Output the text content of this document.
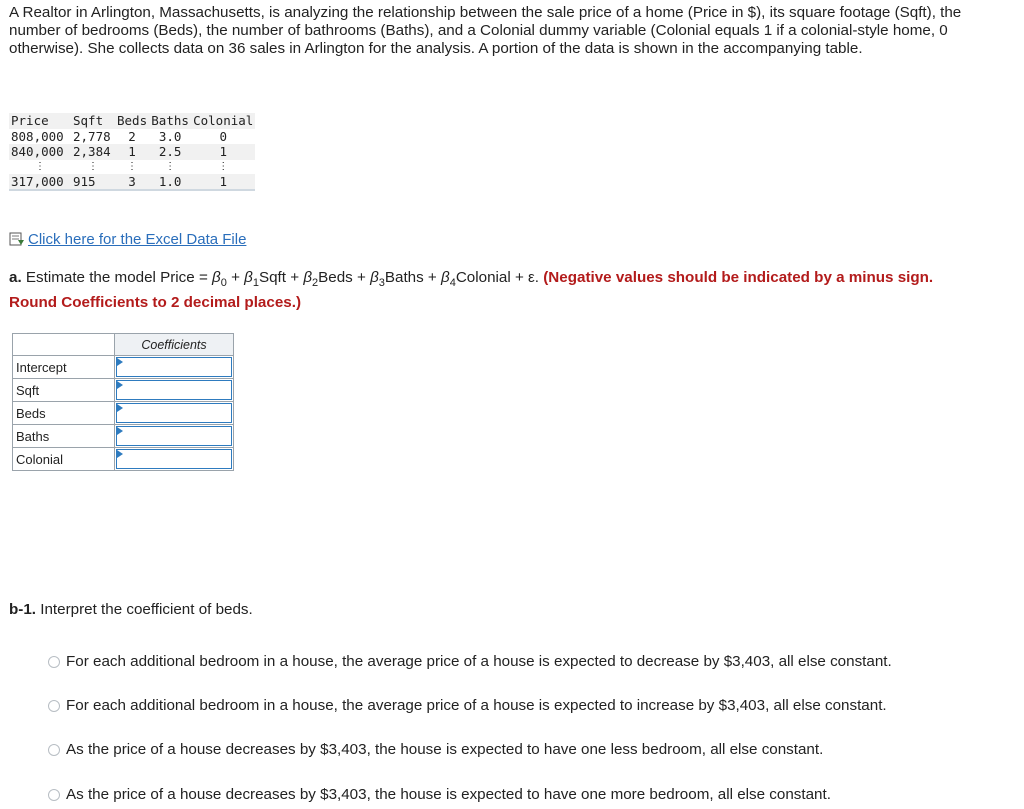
A Realtor in Arlington, Massachusetts, is analyzing the relationship between the sale price of a home (Price in $), its square footage (Sqft), the number of bedrooms (Beds), the number of bathrooms (Baths), and a Colonial dummy variable (Colonial equals 1 if a colonial-style home, 0 otherwise). She collects data on 36 sales in Arlington for the analysis. A portion of the data is shown in the accompanying table.

Price	Sqft	Beds	Baths	Colonial
808,000	2,778	2	3.0	0
840,000	2,384	1	2.5	1
⋮	⋮	⋮	⋮	⋮
317,000	915	3	1.0	1
Click here for the Excel Data File

a. Estimate the model Price = $\beta_0$ + $\beta_1Sqft$ + $\beta_2Beds$ + $\beta_3Baths$ + $\beta_4Colonial + \varepsilon$. (Negative values should be indicated by a minus sign.
Round Coefficients to 2 decimal places.)

	Coefficients
Intercept	

Sqft	

Beds	

Baths	

Colonial	

b-1. Interpret the coefficient of beds.

For each additional bedroom in a house, the average price of a house is expected to decrease by $3,403, all else constant.
For each additional bedroom in a house, the average price of a house is expected to increase by $3,403, all else constant.
As the price of a house decreases by $3,403, the house is expected to have one less bedroom, all else constant.
As the price of a house decreases by $3,403, the house is expected to have one more bedroom, all else constant.
